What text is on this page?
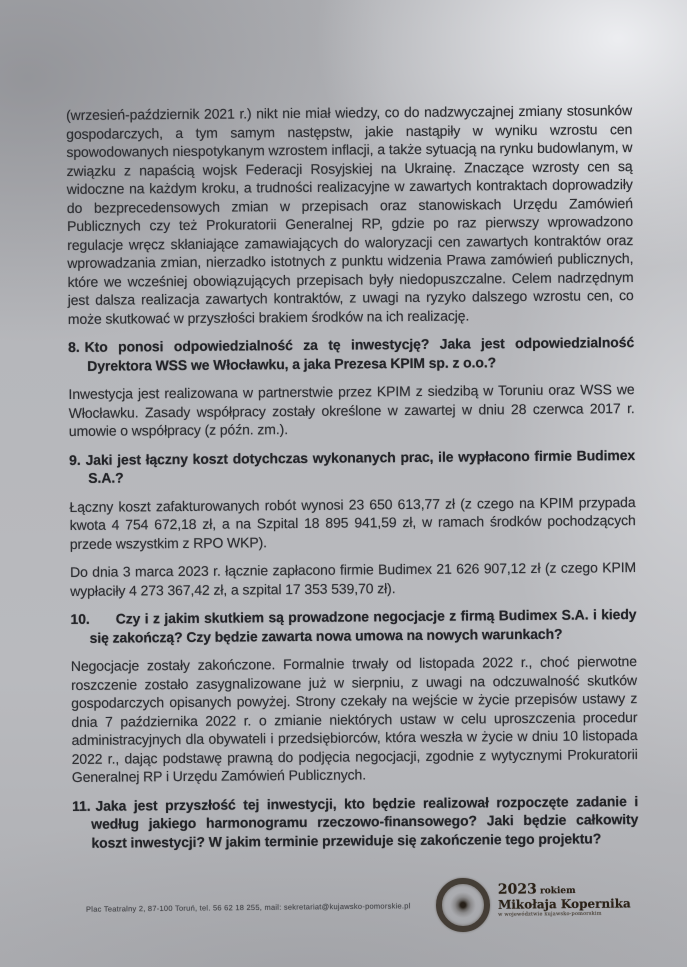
(wrzesień-październik 2021 r.) nikt nie miał wiedzy, co do nadzwyczajnej zmiany stosunków gospodarczych, a tym samym następstw, jakie nastąpiły w wyniku wzrostu cen spowodowanych niespotykanym wzrostem inflacji, a także sytuacją na rynku budowlanym, w związku z napaścią wojsk Federacji Rosyjskiej na Ukrainę. Znaczące wzrosty cen są widoczne na każdym kroku, a trudności realizacyjne w zawartych kontraktach doprowadziły do bezprecedensowych zmian w przepisach oraz stanowiskach Urzędu Zamówień Publicznych czy też Prokuratorii Generalnej RP, gdzie po raz pierwszy wprowadzono regulacje wręcz skłaniające zamawiających do waloryzacji cen zawartych kontraktów oraz wprowadzania zmian, nierzadko istotnych z punktu widzenia Prawa zamówień publicznych, które we wcześniej obowiązujących przepisach były niedopuszczalne. Celem nadrzędnym jest dalsza realizacja zawartych kontraktów, z uwagi na ryzyko dalszego wzrostu cen, co może skutkować w przyszłości brakiem środków na ich realizację.

8. Kto ponosi odpowiedzialność za tę inwestycję? Jaka jest odpowiedzialność Dyrektora WSS we Włocławku, a jaka Prezesa KPIM sp. z o.o.?

Inwestycja jest realizowana w partnerstwie przez KPIM z siedzibą w Toruniu oraz WSS we Włocławku. Zasady współpracy zostały określone w zawartej w dniu 28 czerwca 2017 r. umowie o współpracy (z późn. zm.).

9. Jaki jest łączny koszt dotychczas wykonanych prac, ile wypłacono firmie Budimex S.A.?

Łączny koszt zafakturowanych robót wynosi 23 650 613,77 zł (z czego na KPIM przypada kwota 4 754 672,18 zł, a na Szpital 18 895 941,59 zł, w ramach środków pochodzących przede wszystkim z RPO WKP).

Do dnia 3 marca 2023 r. łącznie zapłacono firmie Budimex 21 626 907,12 zł (z czego KPIM wypłaciły 4 273 367,42 zł, a szpital 17 353 539,70 zł).

10. Czy i z jakim skutkiem są prowadzone negocjacje z firmą Budimex S.A. i kiedy się zakończą? Czy będzie zawarta nowa umowa na nowych warunkach?

Negocjacje zostały zakończone. Formalnie trwały od listopada 2022 r., choć pierwotne roszczenie zostało zasygnalizowane już w sierpniu, z uwagi na odczuwalność skutków gospodarczych opisanych powyżej. Strony czekały na wejście w życie przepisów ustawy z dnia 7 października 2022 r. o zmianie niektórych ustaw w celu uproszczenia procedur administracyjnych dla obywateli i przedsiębiorców, która weszła w życie w dniu 10 listopada 2022 r., dając podstawę prawną do podjęcia negocjacji, zgodnie z wytycznymi Prokuratorii Generalnej RP i Urzędu Zamówień Publicznych.

11. Jaka jest przyszłość tej inwestycji, kto będzie realizował rozpoczęte zadanie i według jakiego harmonogramu rzeczowo-finansowego? Jaki będzie całkowity koszt inwestycji? W jakim terminie przewiduje się zakończenie tego projektu?

Plac Teatralny 2, 87-100 Toruń, tel. 56 62 18 255, mail: sekretariat@kujawsko-pomorskie.pl
2023 rokiem
Mikołaja Kopernika
w województwie kujawsko-pomorskim
